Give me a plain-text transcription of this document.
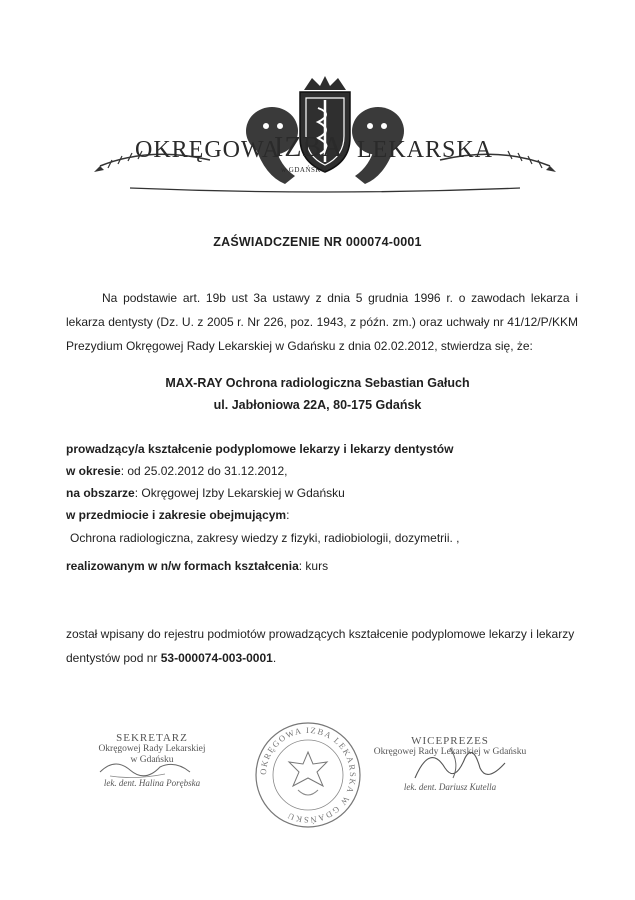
OKRĘGOWA
IZBA LEKARSKA
w GDAŃSKU
ZAŚWIADCZENIE NR 000074-0001

Na podstawie art. 19b ust 3a ustawy z dnia 5 grudnia 1996 r. o zawodach lekarza i lekarza dentysty (Dz. U. z 2005 r. Nr 226, poz. 1943, z późn. zm.) oraz uchwały nr 41/12/P/KKM Prezydium Okręgowej Rady Lekarskiej w Gdańsku z dnia 02.02.2012, stwierdza się, że:

MAX-RAY Ochrona radiologiczna Sebastian Gałuch
ul. Jabłoniowa 22A, 80-175 Gdańsk
prowadzący/a kształcenie podyplomowe lekarzy i lekarzy dentystów
w okresie: od 25.02.2012 do 31.12.2012,
na obszarze: Okręgowej Izby Lekarskiej w Gdańsku
w przedmiocie i zakresie obejmującym:
Ochrona radiologiczna, zakresy wiedzy z fizyki, radiobiologii, dozymetrii. ,
realizowanym w n/w formach kształcenia: kurs
został wpisany do rejestru podmiotów prowadzących kształcenie podyplomowe lekarzy i lekarzy dentystów pod nr 53-000074-003-0001.
SEKRETARZ
Okręgowej Rady Lekarskiej
w Gdańsku
lek. dent. Halina Porębska
OKRĘGOWA IZBA LEKARSKA W GDAŃSKU
WICEPREZES
Okręgowej Rady Lekarskiej w Gdańsku
lek. dent. Dariusz Kutella
